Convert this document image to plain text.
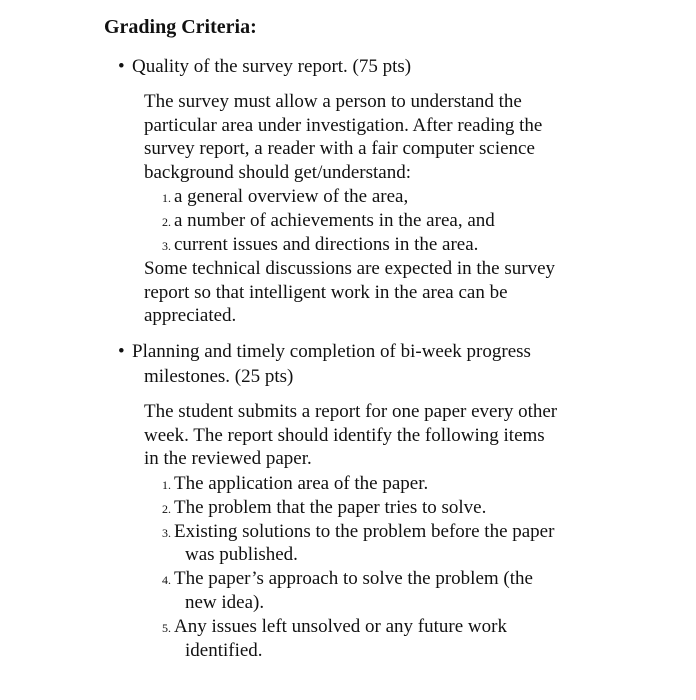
Grading Criteria:
• Quality of the survey report. (75 pts)
The survey must allow a person to understand the
particular area under investigation. After reading the
survey report, a reader with a fair computer science
background should get/understand:
1. a general overview of the area,
2. a number of achievements in the area, and
3. current issues and directions in the area.
Some technical discussions are expected in the survey
report so that intelligent work in the area can be
appreciated.
• Planning and timely completion of bi-week progress
milestones. (25 pts)
The student submits a report for one paper every other
week. The report should identify the following items
in the reviewed paper.
1. The application area of the paper.
2. The problem that the paper tries to solve.
3. Existing solutions to the problem before the paper
was published.
4. The paper’s approach to solve the problem (the
new idea).
5. Any issues left unsolved or any future work
identified.
